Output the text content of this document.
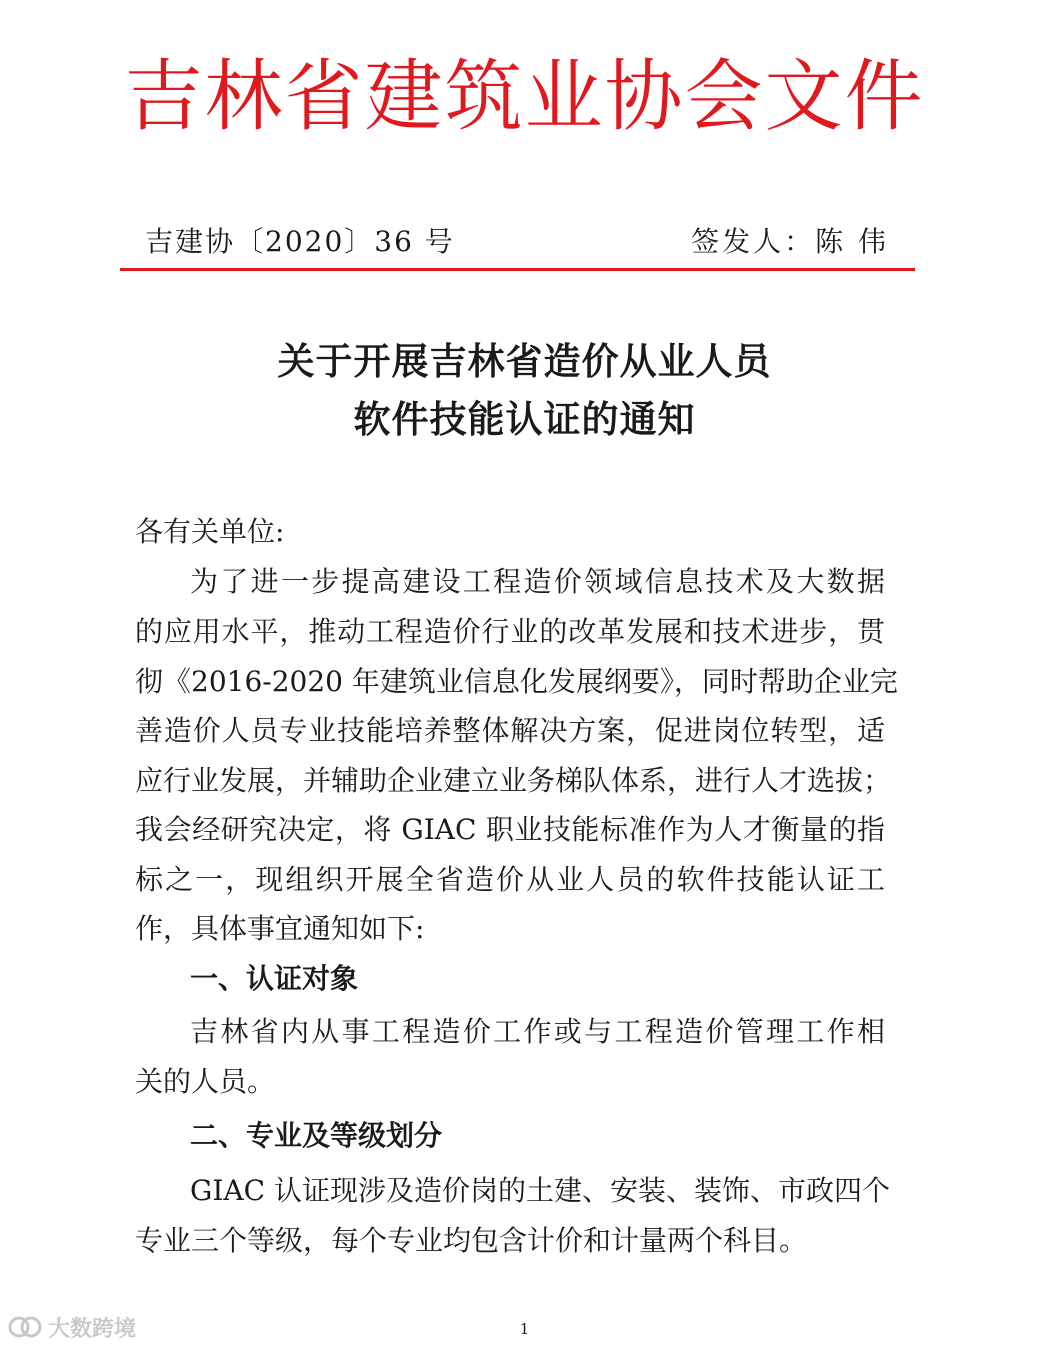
吉林省建筑业协会文件
吉建协〔2020〕36 号	签发人：陈 伟
关于开展吉林省造价从业人员
软件技能认证的通知
各有关单位:
为了进一步提高建设工程造价领域信息技术及大数据
的应用水平，推动工程造价行业的改革发展和技术进步，贯
彻《2016-2020 年建筑业信息化发展纲要》，同时帮助企业完
善造价人员专业技能培养整体解决方案，促进岗位转型，适
应行业发展，并辅助企业建立业务梯队体系，进行人才选拔；
我会经研究决定，将 GIAC 职业技能标准作为人才衡量的指
标之一，现组织开展全省造价从业人员的软件技能认证工
作，具体事宜通知如下:
一、认证对象
吉林省内从事工程造价工作或与工程造价管理工作相
关的人员。
二、专业及等级划分
GIAC 认证现涉及造价岗的土建、安装、装饰、市政四个
专业三个等级，每个专业均包含计价和计量两个科目。
大数跨境	1
